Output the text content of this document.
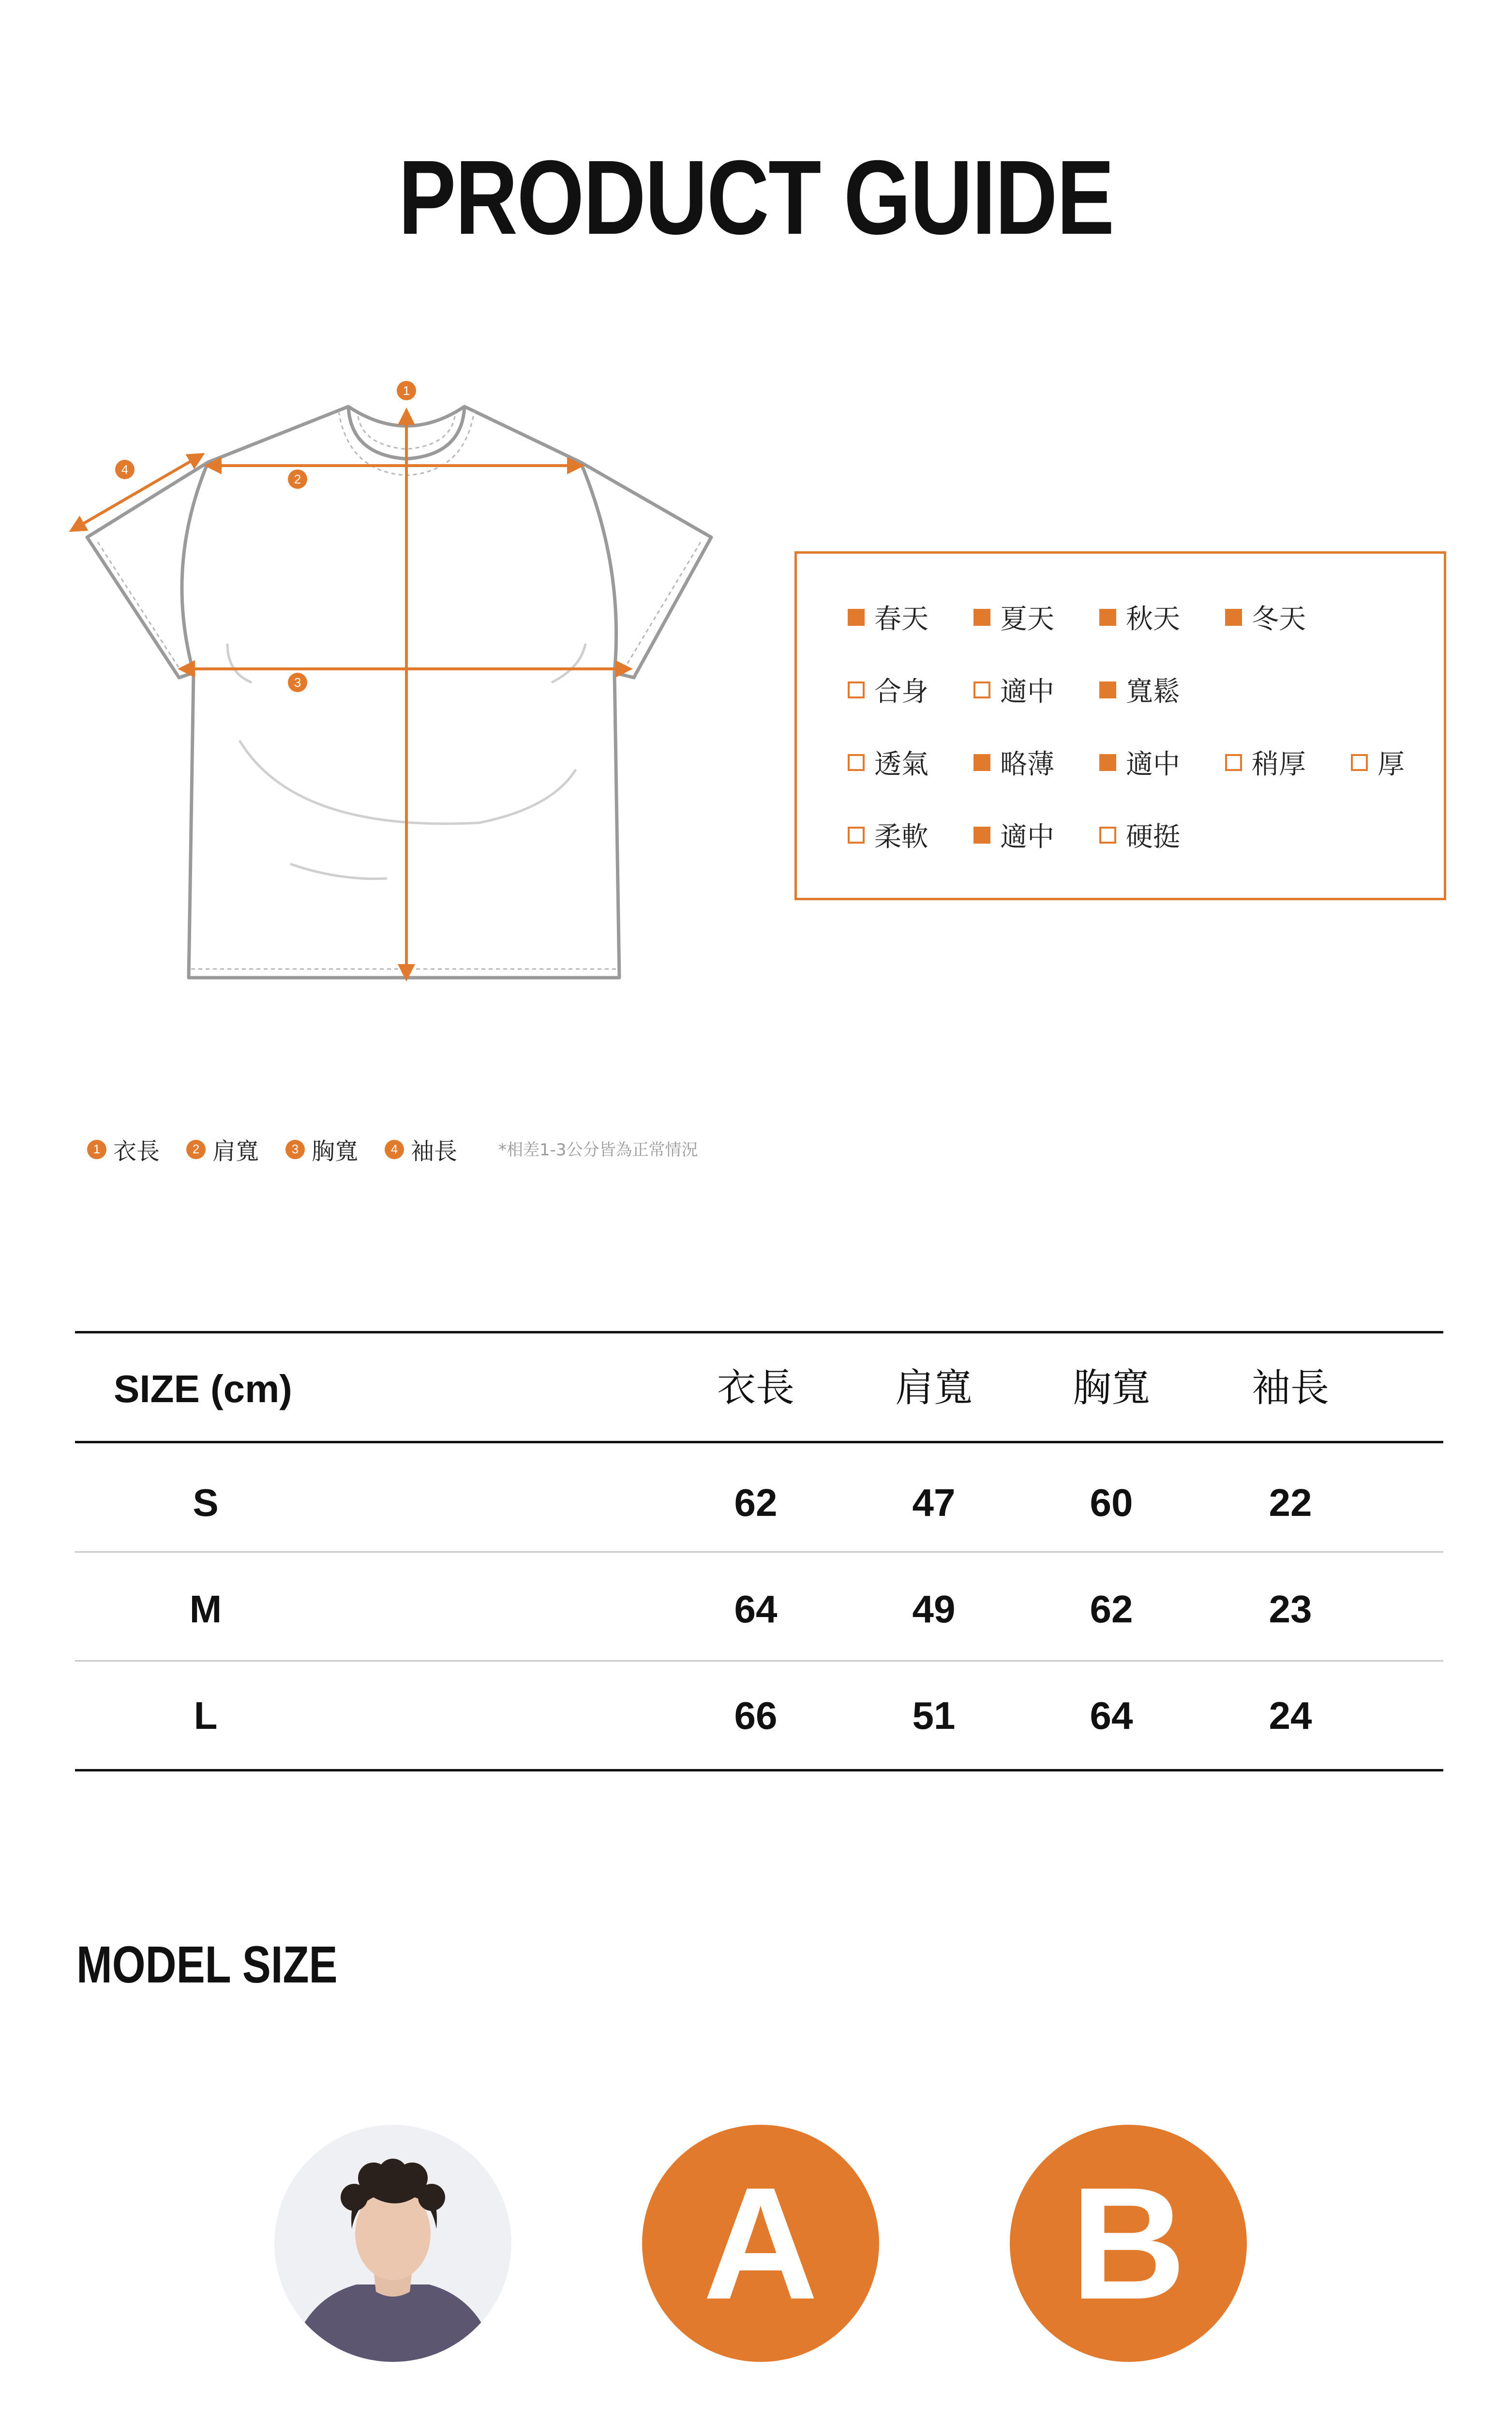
PRODUCT GUIDE
1
2
3
4
春天	夏天	秋天	冬天
合身	適中	寬鬆
透氣	略薄	適中	稍厚	厚
柔軟	適中	硬挺
1 衣長	2 肩寬	3 胸寬	4 袖長 *相差1-3公分皆為正常情況
SIZE (cm)	衣長	肩寬	胸寬	袖長
S	62	47	60	22
M	64	49	62	23
L	66	51	64	24
MODEL SIZE
A	B
